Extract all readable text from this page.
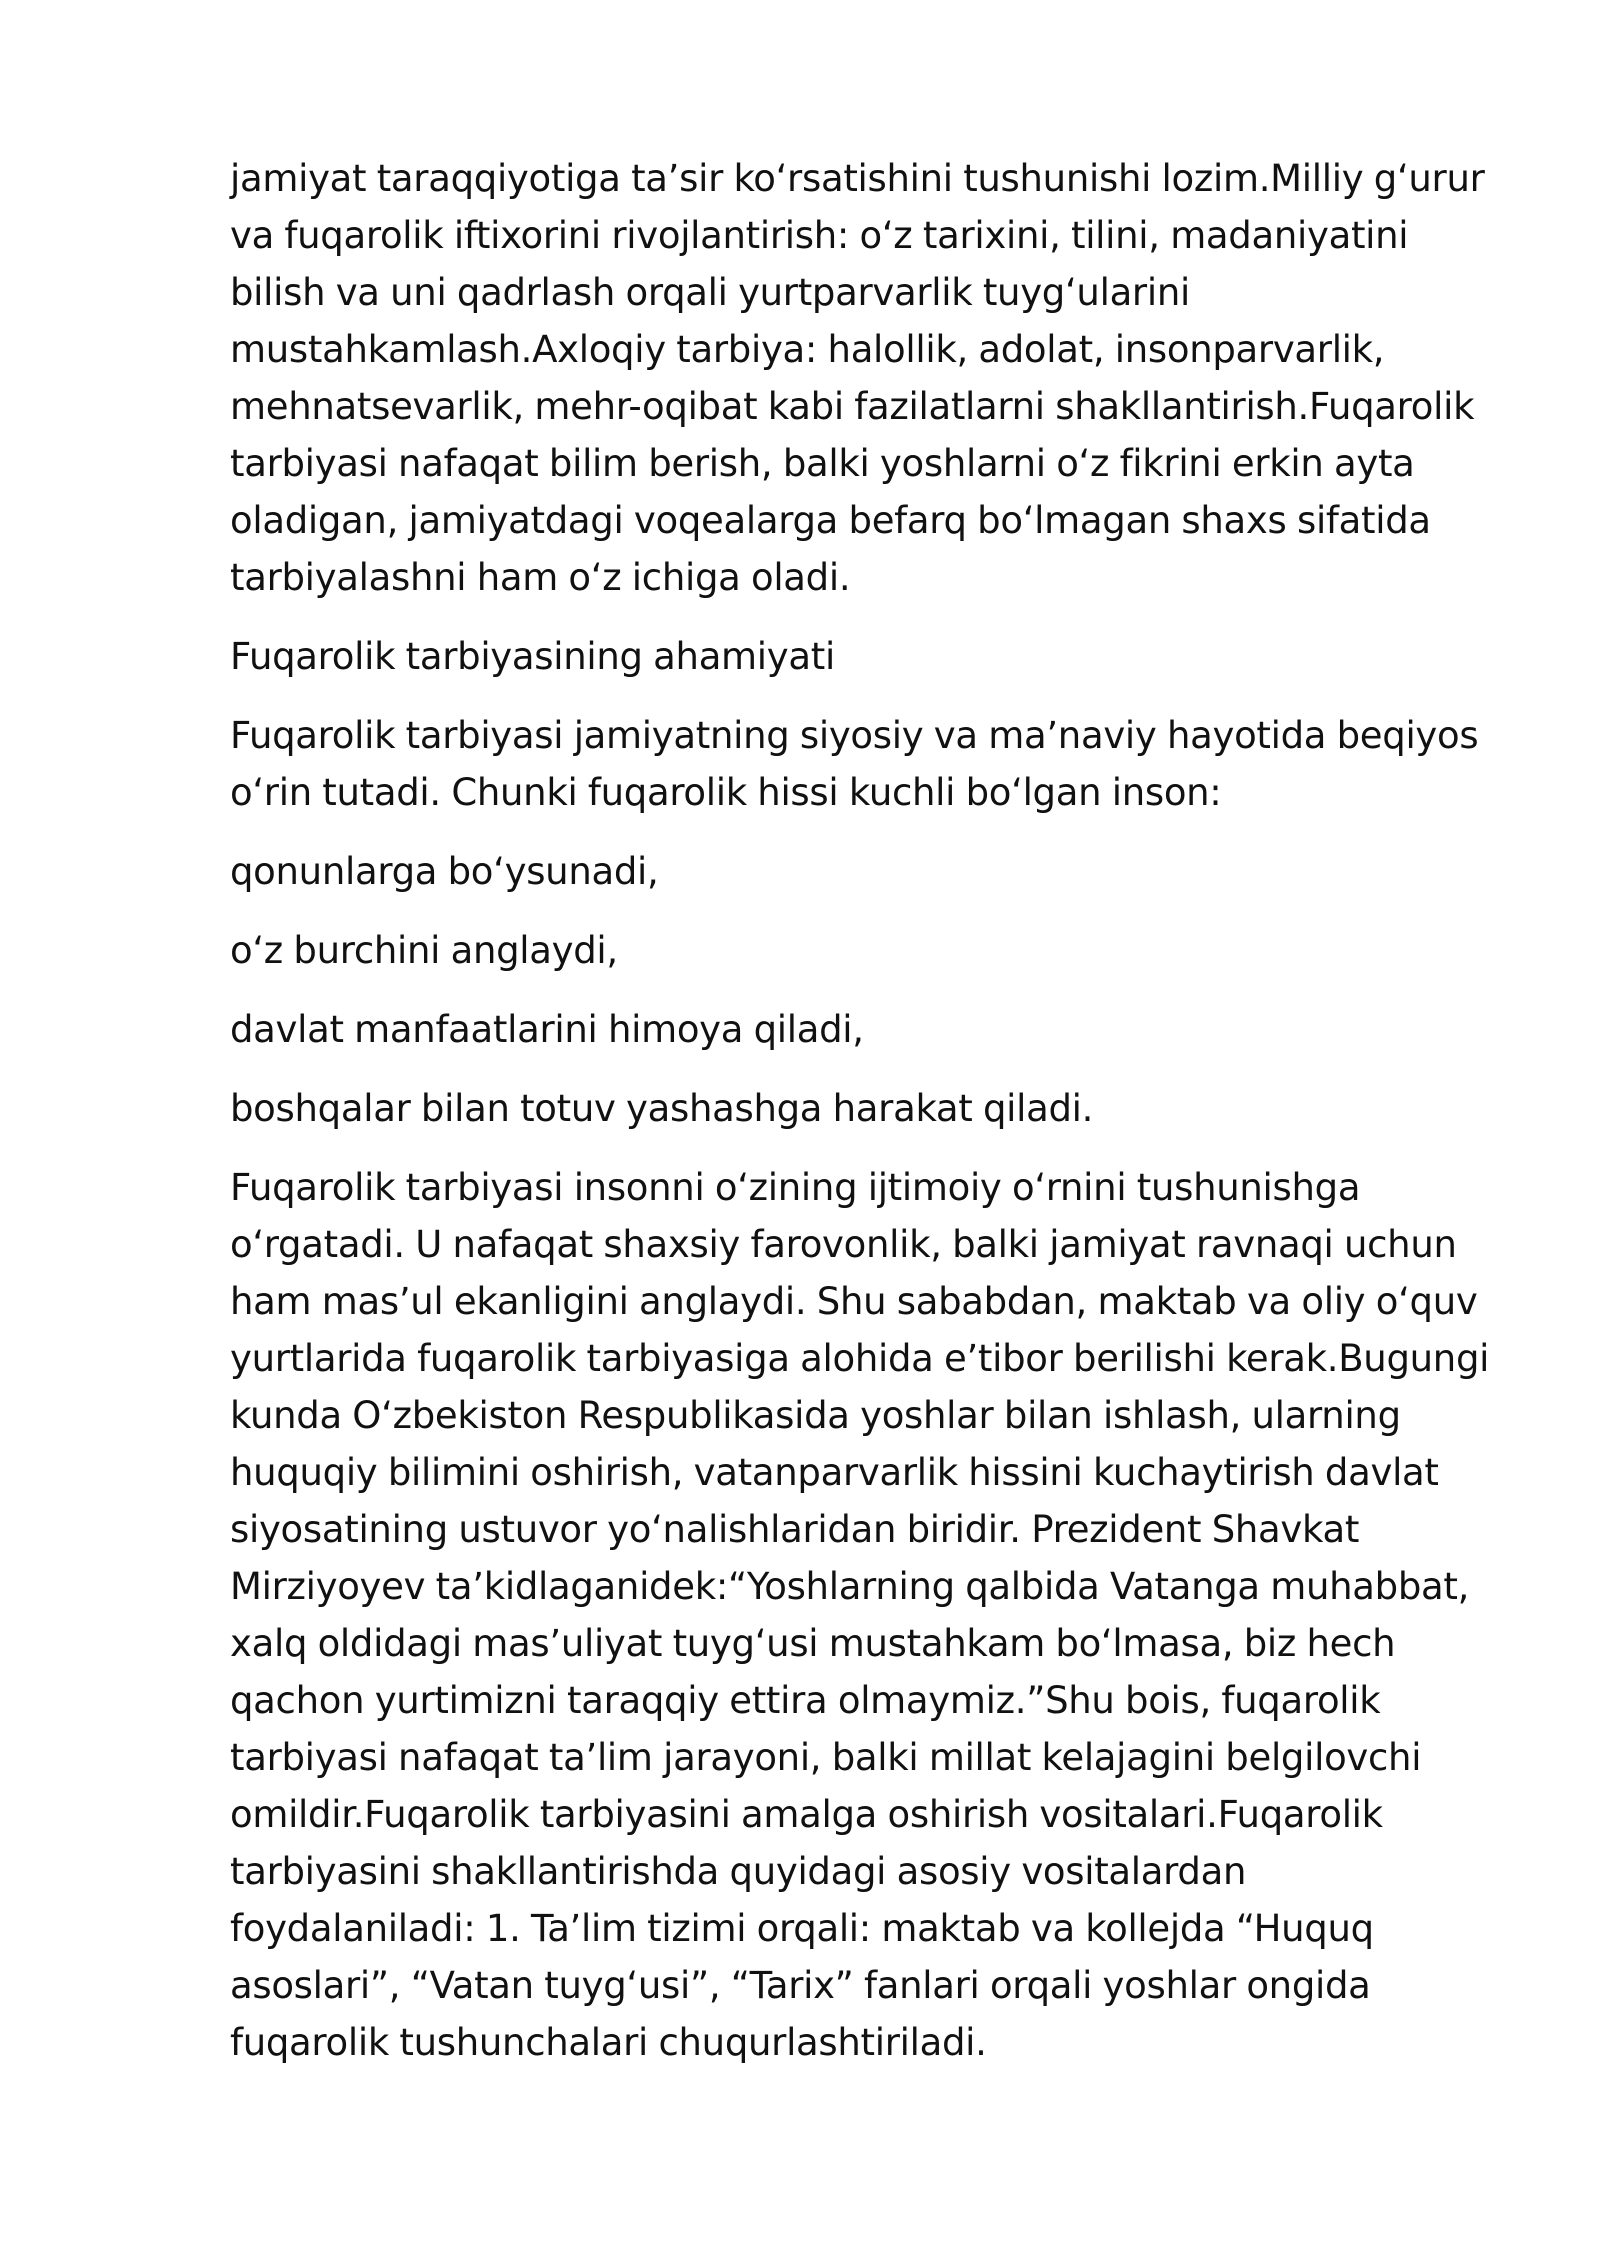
jamiyat taraqqiyotiga ta’sir ko‘rsatishini tushunishi lozim.Milliy g‘urur va fuqarolik iftixorini rivojlantirish: o‘z tarixini, tilini, madaniyatini bilish va uni qadrlash orqali yurtparvarlik tuyg‘ularini mustahkamlash.Axloqiy tarbiya: halollik, adolat, insonparvarlik, mehnatsevarlik, mehr-oqibat kabi fazilatlarni shakllantirish.Fuqarolik tarbiyasi nafaqat bilim berish, balki yoshlarni o‘z fikrini erkin ayta oladigan, jamiyatdagi voqealarga befarq bo‘lmagan shaxs sifatida tarbiyalashni ham o‘z ichiga oladi.

Fuqarolik tarbiyasining ahamiyati

Fuqarolik tarbiyasi jamiyatning siyosiy va ma’naviy hayotida beqiyos o‘rin tutadi. Chunki fuqarolik hissi kuchli bo‘lgan inson:

qonunlarga bo‘ysunadi,

o‘z burchini anglaydi,

davlat manfaatlarini himoya qiladi,

boshqalar bilan totuv yashashga harakat qiladi.

Fuqarolik tarbiyasi insonni o‘zining ijtimoiy o‘rnini tushunishga o‘rgatadi. U nafaqat shaxsiy farovonlik, balki jamiyat ravnaqi uchun ham mas’ul ekanligini anglaydi. Shu sababdan, maktab va oliy o‘quv yurtlarida fuqarolik tarbiyasiga alohida e’tibor berilishi kerak.Bugungi kunda O‘zbekiston Respublikasida yoshlar bilan ishlash, ularning huquqiy bilimini oshirish, vatanparvarlik hissini kuchaytirish davlat siyosatining ustuvor yo‘nalishlaridan biridir. Prezident Shavkat Mirziyoyev ta’kidlaganidek:“Yoshlarning qalbida Vatanga muhabbat, xalq oldidagi mas’uliyat tuyg‘usi mustahkam bo‘lmasa, biz hech qachon yurtimizni taraqqiy ettira olmaymiz.”Shu bois, fuqarolik tarbiyasi nafaqat ta’lim jarayoni, balki millat kelajagini belgilovchi omildir.Fuqarolik tarbiyasini amalga oshirish vositalari.Fuqarolik tarbiyasini shakllantirishda quyidagi asosiy vositalardan foydalaniladi: 1. Ta’lim tizimi orqali: maktab va kollejda “Huquq asoslari”, “Vatan tuyg‘usi”, “Tarix” fanlari orqali yoshlar ongida fuqarolik tushunchalari chuqurlashtiriladi.
